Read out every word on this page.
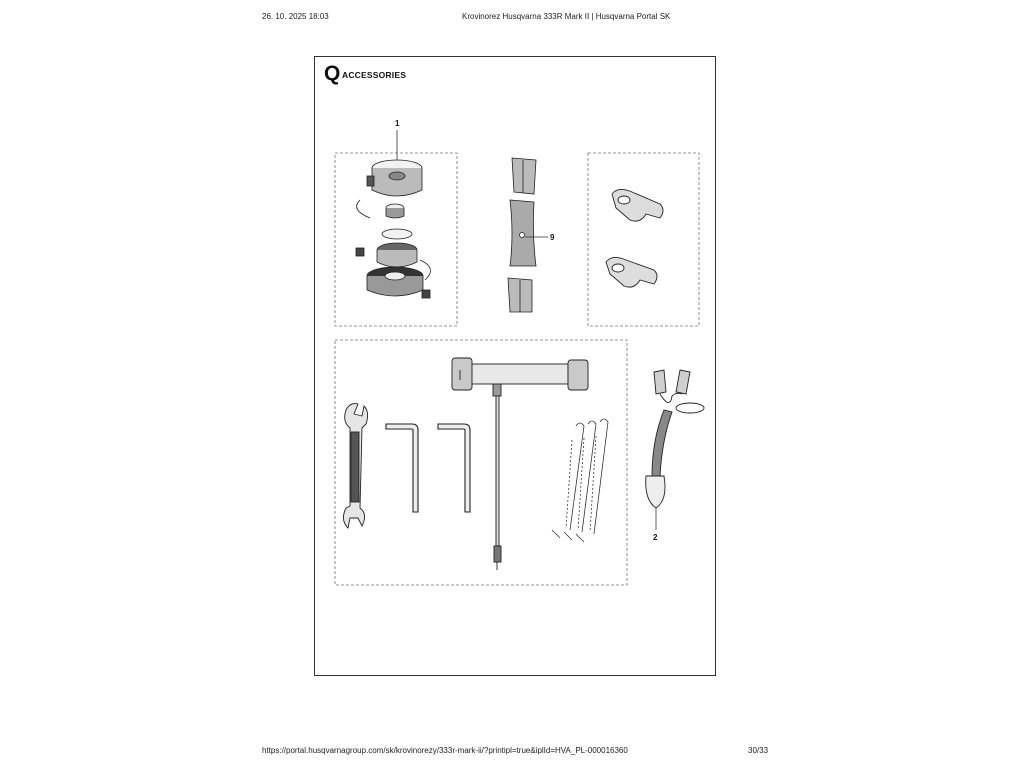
26. 10. 2025 18:03	Krovinorez Husqvarna 333R Mark II | Husqvarna Portal SK
Q ACCESSORIES
1
9
2
https://portal.husqvarnagroup.com/sk/krovinorezy/333r-mark-ii/?printipl=true&iplId=HVA_PL-000016360	30/33
